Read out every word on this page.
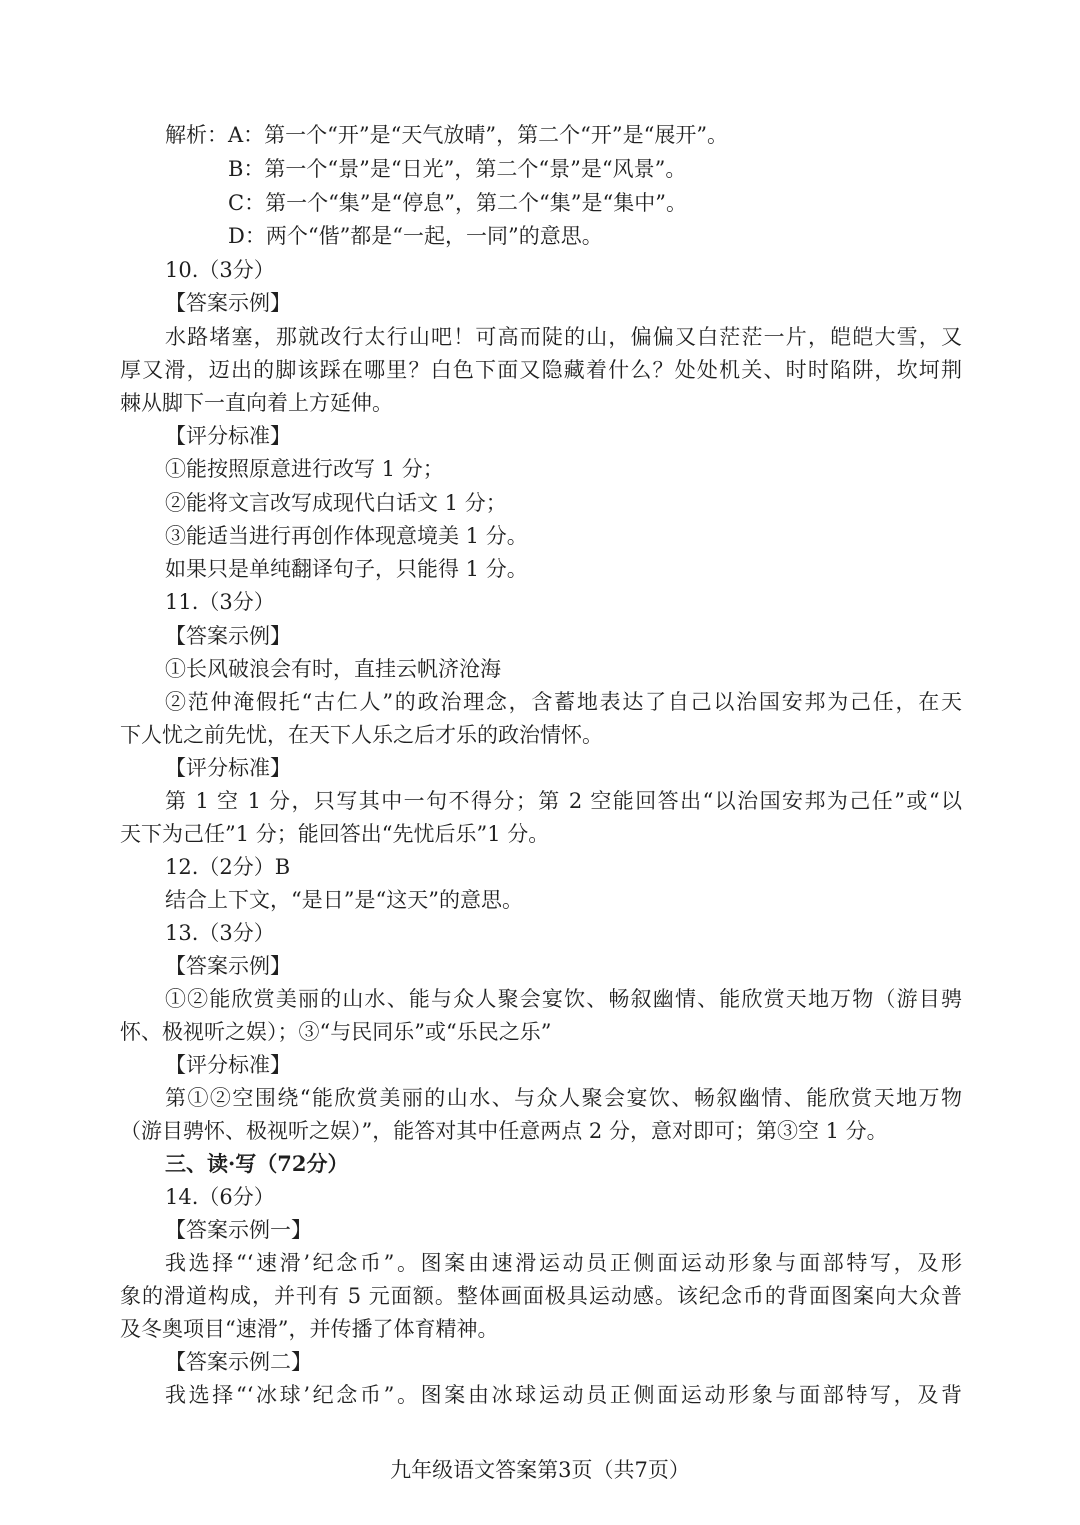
解析：A：第一个“开”是“天气放晴”，第二个“开”是“展开”。
B：第一个“景”是“日光”，第二个“景”是“风景”。
C：第一个“集”是“停息”，第二个“集”是“集中”。
D：两个“偕”都是“一起，一同”的意思。
10.（3分）
【答案示例】
水路堵塞，那就改行太行山吧！可高而陡的山，偏偏又白茫茫一片，皑皑大雪，又
厚又滑，迈出的脚该踩在哪里？白色下面又隐藏着什么？处处机关、时时陷阱，坎坷荆
棘从脚下一直向着上方延伸。
【评分标准】
①能按照原意进行改写 1 分；
②能将文言改写成现代白话文 1 分；
③能适当进行再创作体现意境美 1 分。
如果只是单纯翻译句子，只能得 1 分。
11.（3分）
【答案示例】
①长风破浪会有时，直挂云帆济沧海
②范仲淹假托“古仁人”的政治理念，含蓄地表达了自己以治国安邦为己任，在天
下人忧之前先忧，在天下人乐之后才乐的政治情怀。
【评分标准】
第 1 空 1 分，只写其中一句不得分；第 2 空能回答出“以治国安邦为己任”或“以
天下为己任”1 分；能回答出“先忧后乐”1 分。
12.（2分）B
结合上下文，“是日”是“这天”的意思。
13.（3分）
【答案示例】
①②能欣赏美丽的山水、能与众人聚会宴饮、畅叙幽情、能欣赏天地万物（游目骋
怀、极视听之娱）；③“与民同乐”或“乐民之乐”
【评分标准】
第①②空围绕“能欣赏美丽的山水、与众人聚会宴饮、畅叙幽情、能欣赏天地万物
（游目骋怀、极视听之娱）”，能答对其中任意两点 2 分，意对即可；第③空 1 分。
三、读·写（72分）
14.（6分）
【答案示例一】
我选择“‘速滑’纪念币”。图案由速滑运动员正侧面运动形象与面部特写，及形
象的滑道构成，并刊有 5 元面额。整体画面极具运动感。该纪念币的背面图案向大众普
及冬奥项目“速滑”，并传播了体育精神。
【答案示例二】
我选择“‘冰球’纪念币”。图案由冰球运动员正侧面运动形象与面部特写，及背
九年级语文答案第3页（共7页）
